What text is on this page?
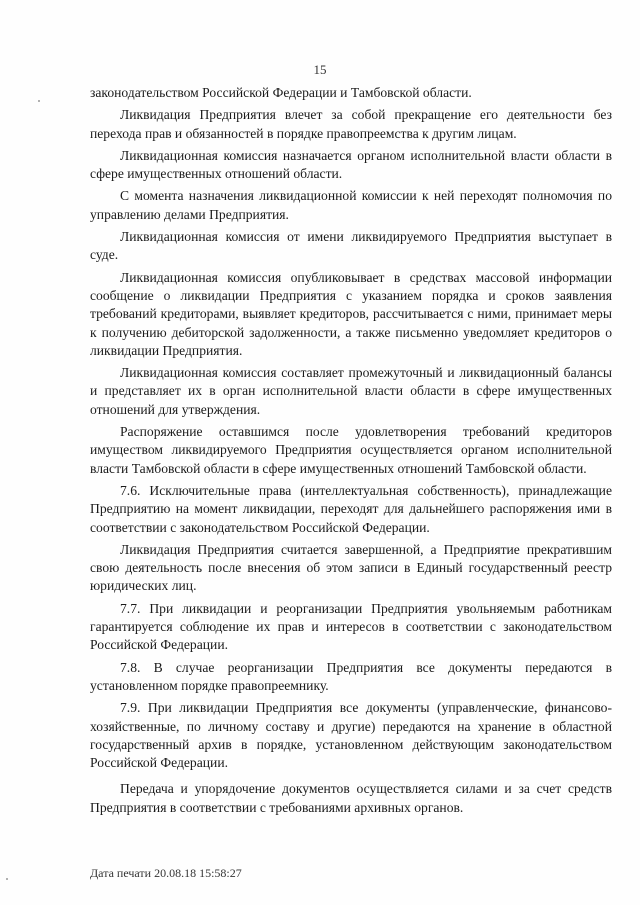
15

законодательством Российской Федерации и Тамбовской области.

Ликвидация Предприятия влечет за собой прекращение его деятельности без перехода прав и обязанностей в порядке правопреемства к другим лицам.

Ликвидационная комиссия назначается органом исполнительной власти области в сфере имущественных отношений области.

С момента назначения ликвидационной комиссии к ней переходят полномочия по управлению делами Предприятия.

Ликвидационная комиссия от имени ликвидируемого Предприятия выступает в суде.

Ликвидационная комиссия опубликовывает в средствах массовой информации сообщение о ликвидации Предприятия с указанием порядка и сроков заявления требований кредиторами, выявляет кредиторов, рассчитывается с ними, принимает меры к получению дебиторской задолженности, а также письменно уведомляет кредиторов о ликвидации Предприятия.

Ликвидационная комиссия составляет промежуточный и ликвидационный балансы и представляет их в орган исполнительной власти области в сфере имущественных отношений для утверждения.

Распоряжение оставшимся после удовлетворения требований кредиторов имуществом ликвидируемого Предприятия осуществляется органом исполнительной власти Тамбовской области в сфере имущественных отношений Тамбовской области.

7.6. Исключительные права (интеллектуальная собственность), принадлежащие Предприятию на момент ликвидации, переходят для дальнейшего распоряжения ими в соответствии с законодательством Российской Федерации.

Ликвидация Предприятия считается завершенной, а Предприятие прекратившим свою деятельность после внесения об этом записи в Единый государственный реестр юридических лиц.

7.7. При ликвидации и реорганизации Предприятия увольняемым работникам гарантируется соблюдение их прав и интересов в соответствии с законодательством Российской Федерации.

7.8. В случае реорганизации Предприятия все документы передаются в установленном порядке правопреемнику.

7.9. При ликвидации Предприятия все документы (управленческие, финансово-хозяйственные, по личному составу и другие) передаются на хранение в областной государственный архив в порядке, установленном действующим законодательством Российской Федерации.

Передача и упорядочение документов осуществляется силами и за счет средств Предприятия в соответствии с требованиями архивных органов.

Дата печати 20.08.18 15:58:27
